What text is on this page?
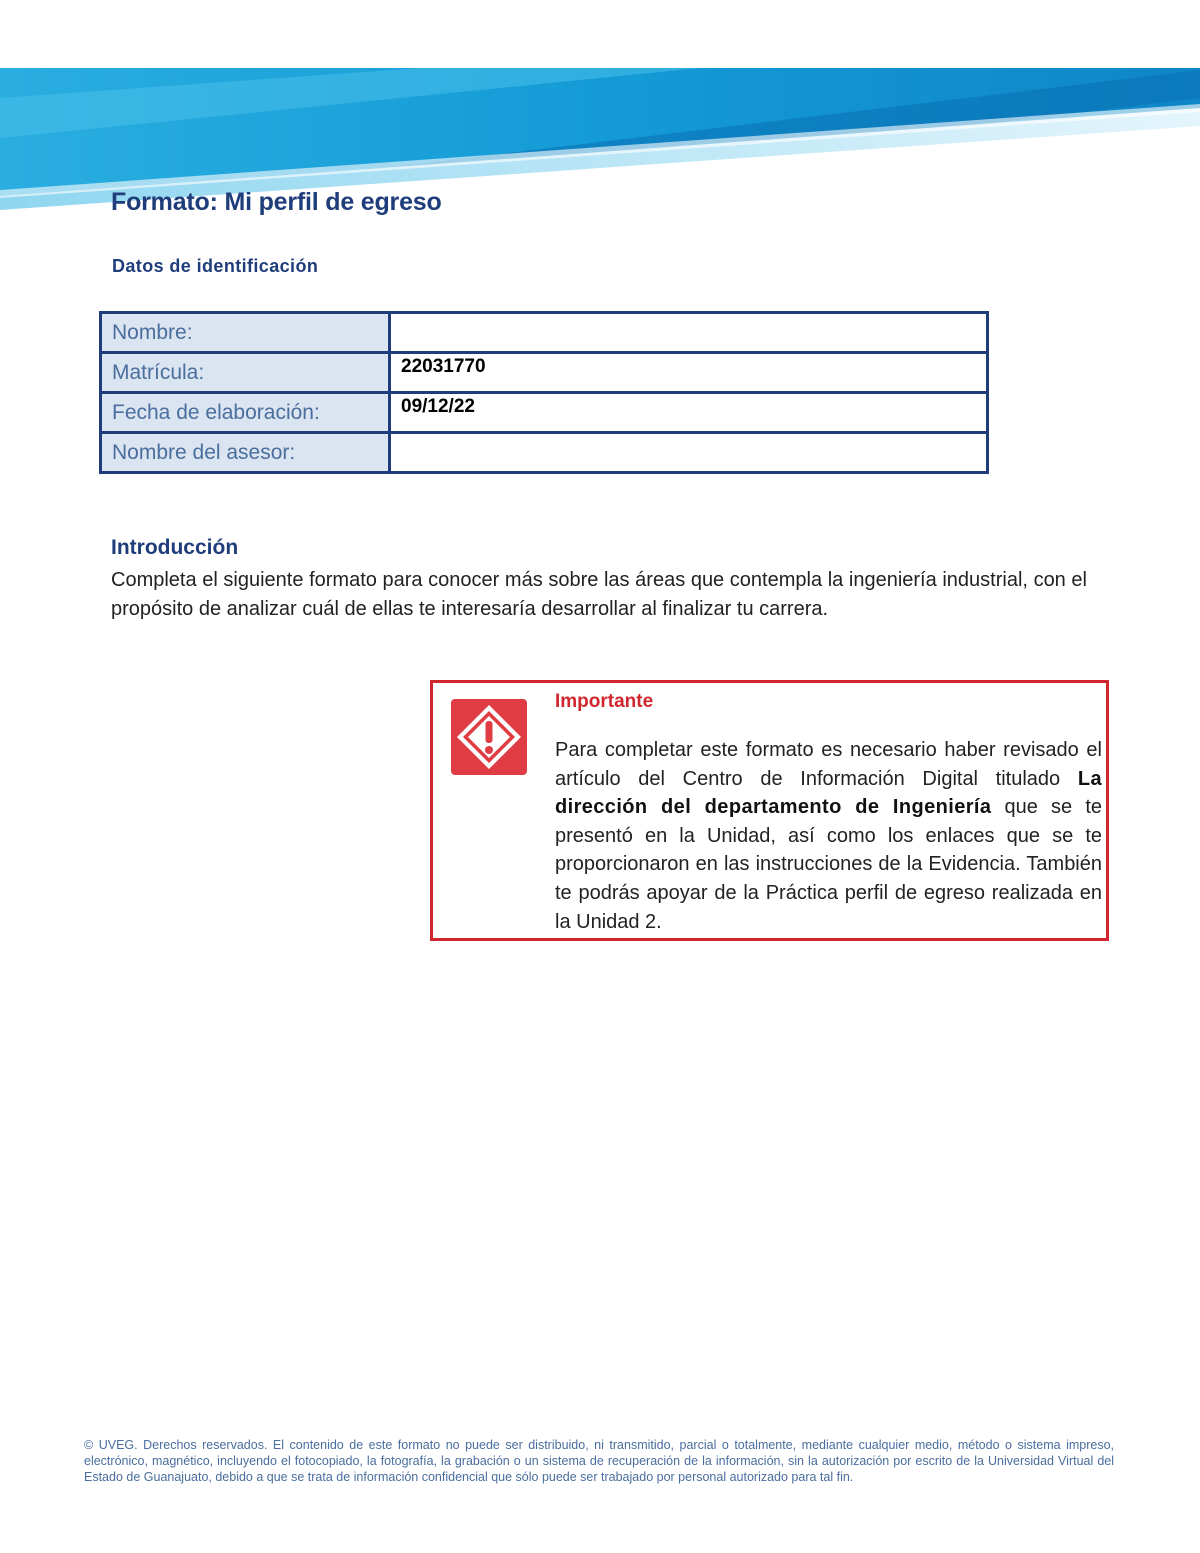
Formato: Mi perfil de egreso
Datos de identificación
Nombre:	
Matrícula:	22031770
Fecha de elaboración:	09/12/22
Nombre del asesor:	
Introducción

Completa el siguiente formato para conocer más sobre las áreas que contempla la ingeniería industrial, con el propósito de analizar cuál de ellas te interesaría desarrollar al finalizar tu carrera.

Importante

Para completar este formato es necesario haber revisado el artículo del Centro de Información Digital titulado La dirección del departamento de Ingeniería que se te presentó en la Unidad, así como los enlaces que se te proporcionaron en las instrucciones de la Evidencia. También te podrás apoyar de la Práctica perfil de egreso realizada en la Unidad 2.

© UVEG. Derechos reservados. El contenido de este formato no puede ser distribuido, ni transmitido, parcial o totalmente, mediante cualquier medio, método o sistema impreso, electrónico, magnético, incluyendo el fotocopiado, la fotografía, la grabación o un sistema de recuperación de la información, sin la autorización por escrito de la Universidad Virtual del Estado de Guanajuato, debido a que se trata de información confidencial que sólo puede ser trabajado por personal autorizado para tal fin.
